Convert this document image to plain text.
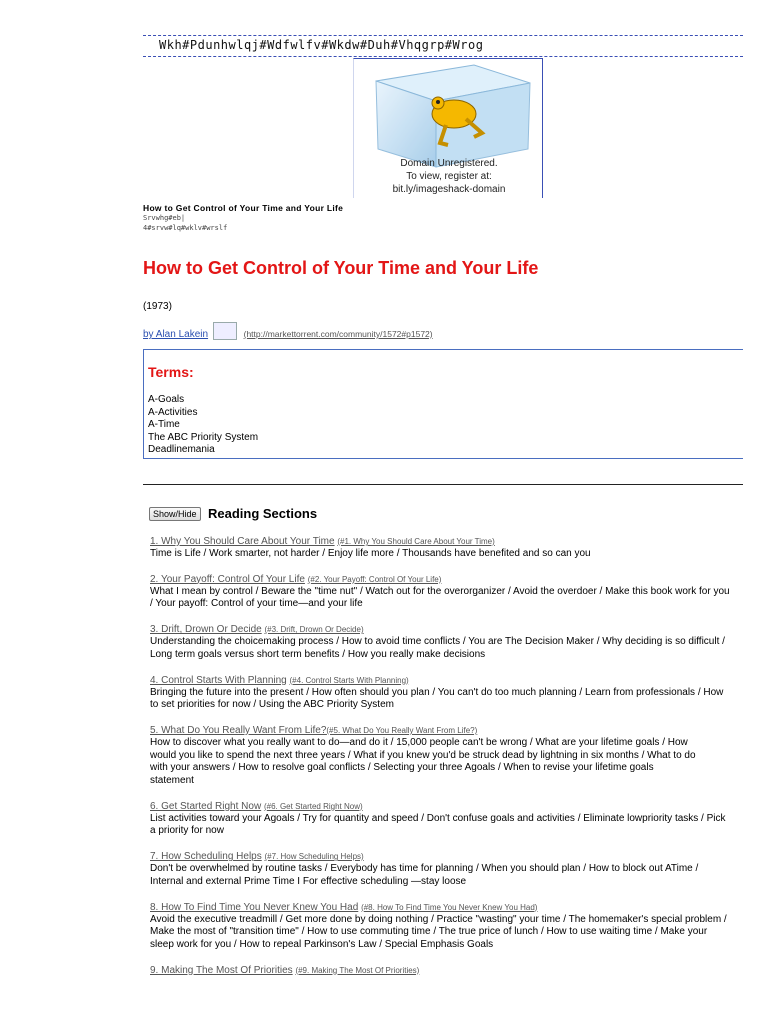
Wkh#Pdunhwlqj#Wdfwlfv#Wkdw#Duh#Vhqgrp#Wrog
Domain Unregistered.
To view, register at:
bit.ly/imageshack-domain
How to Get Control of Your Time and Your Life
Srvwhg#eb|
4#srvw#lq#wklv#wrslf
How to Get Control of Your Time and Your Life
(1973)
by Alan Lakein	(http://markettorrent.com/community/1572#p1572)
Terms:
A-Goals
A-Activities
A-Time
The ABC Priority System
Deadlinemania
Show/Hide Reading Sections
1. Why You Should Care About Your Time (#1. Why You Should Care About Your Time)
Time is Life / Work smarter, not harder / Enjoy life more / Thousands have benefited and so can you
2. Your Payoff: Control Of Your Life (#2. Your Payoff: Control Of Your Life)
What I mean by control / Beware the "time nut" / Watch out for the overorganizer / Avoid the overdoer / Make this book work for you / Your payoff: Control of your time—and your life
3. Drift, Drown Or Decide (#3. Drift, Drown Or Decide)
Understanding the choicemaking process / How to avoid time conflicts / You are The Decision Maker / Why deciding is so difficult / Long term goals versus short term benefits / How you really make decisions
4. Control Starts With Planning (#4. Control Starts With Planning)
Bringing the future into the present / How often should you plan / You can't do too much planning / Learn from professionals / How to set priorities for now / Using the ABC Priority System
5. What Do You Really Want From Life?(#5. What Do You Really Want From Life?)
How to discover what you really want to do—and do it / 15,000 people can't be wrong / What are your lifetime goals / How
would you like to spend the next three years / What if you knew you'd be struck dead by lightning in six months / What to do
with your answers / How to resolve goal conflicts / Selecting your three Agoals / When to revise your lifetime goals
statement
6. Get Started Right Now (#6. Get Started Right Now)
List activities toward your Agoals / Try for quantity and speed / Don't confuse goals and activities / Eliminate lowpriority tasks / Pick a priority for now
7. How Scheduling Helps (#7. How Scheduling Helps)
Don't be overwhelmed by routine tasks / Everybody has time for planning / When you should plan / How to block out ATime / Internal and external Prime Time I For effective scheduling —stay loose
8. How To Find Time You Never Knew You Had (#8. How To Find Time You Never Knew You Had)
Avoid the executive treadmill / Get more done by doing nothing / Practice "wasting" your time / The homemaker's special problem / Make the most of "transition time" / How to use commuting time / The true price of lunch / How to use waiting time / Make your sleep work for you / How to repeal Parkinson's Law / Special Emphasis Goals
9. Making The Most Of Priorities (#9. Making The Most Of Priorities)
